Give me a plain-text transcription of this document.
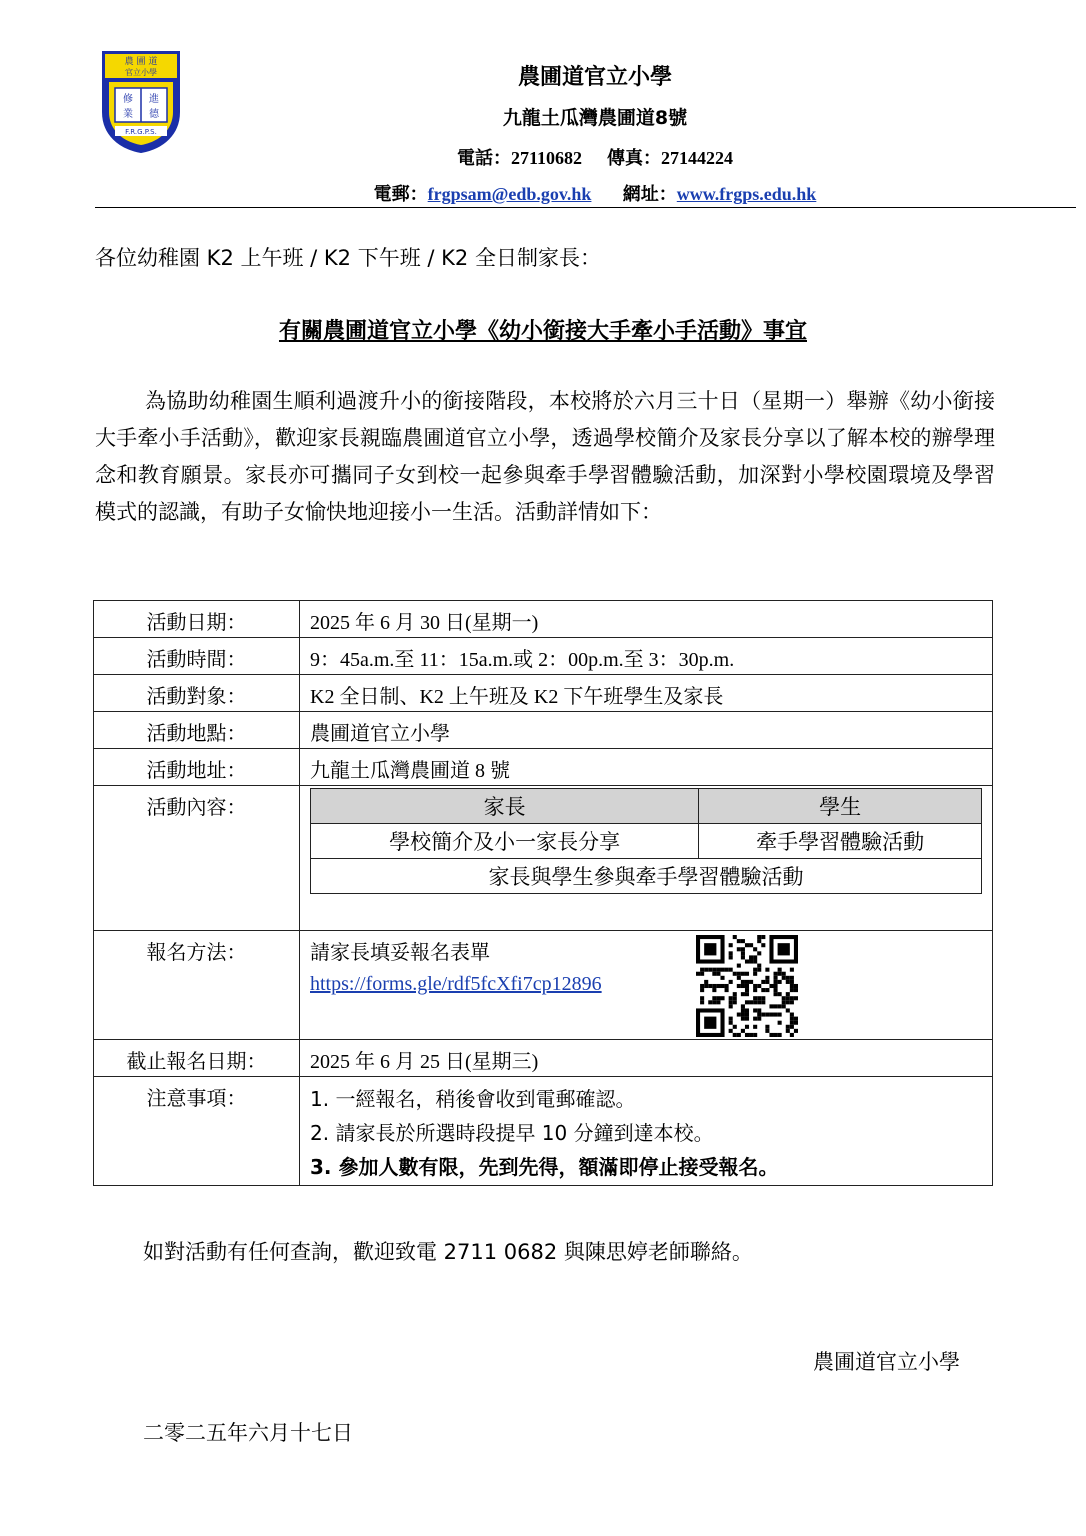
農 圃 道
官立小學
修 進
業 德
F.R.G.P.S.
農圃道官立小學
九龍土瓜灣農圃道8號
電話：27110682 傳真：27144224
電郵：frgpsam@edb.gov.hk 網址：www.frgps.edu.hk
各位幼稚園 K2 上午班 / K2 下午班 / K2 全日制家長：
有關農圃道官立小學《幼小銜接大手牽小手活動》事宜

為協助幼稚園生順利過渡升小的銜接階段，本校將於六月三十日（星期一）舉辦《幼小銜接大手牽小手活動》，歡迎家長親臨農圃道官立小學，透過學校簡介及家長分享以了解本校的辦學理念和教育願景。家長亦可攜同子女到校一起參與牽手學習體驗活動，加深對小學校園環境及學習模式的認識，有助子女愉快地迎接小一生活。活動詳情如下：

活動日期：	2025 年 6 月 30 日(星期一)
活動時間：	9：45a.m.至 11：15a.m.或 2：00p.m.至 3：30p.m.
活動對象：	K2 全日制、K2 上午班及 K2 下午班學生及家長
活動地點：	農圃道官立小學
活動地址：	九龍土瓜灣農圃道 8 號
活動內容：		家長	學生
學校簡介及小一家長分享	牽手學習體驗活動
家長與學生參與牽手學習體驗活動

報名方法：	請家長填妥報名表單
https://forms.gle/rdf5fcXfi7cp12896

截止報名日期：	2025 年 6 月 25 日(星期三)
注意事項：	1. 一經報名，稍後會收到電郵確認。
2. 請家長於所選時段提早 10 分鐘到達本校。
3. 參加人數有限，先到先得，額滿即停止接受報名。
如對活動有任何查詢，歡迎致電 2711 0682 與陳思婷老師聯絡。
農圃道官立小學
二零二五年六月十七日
